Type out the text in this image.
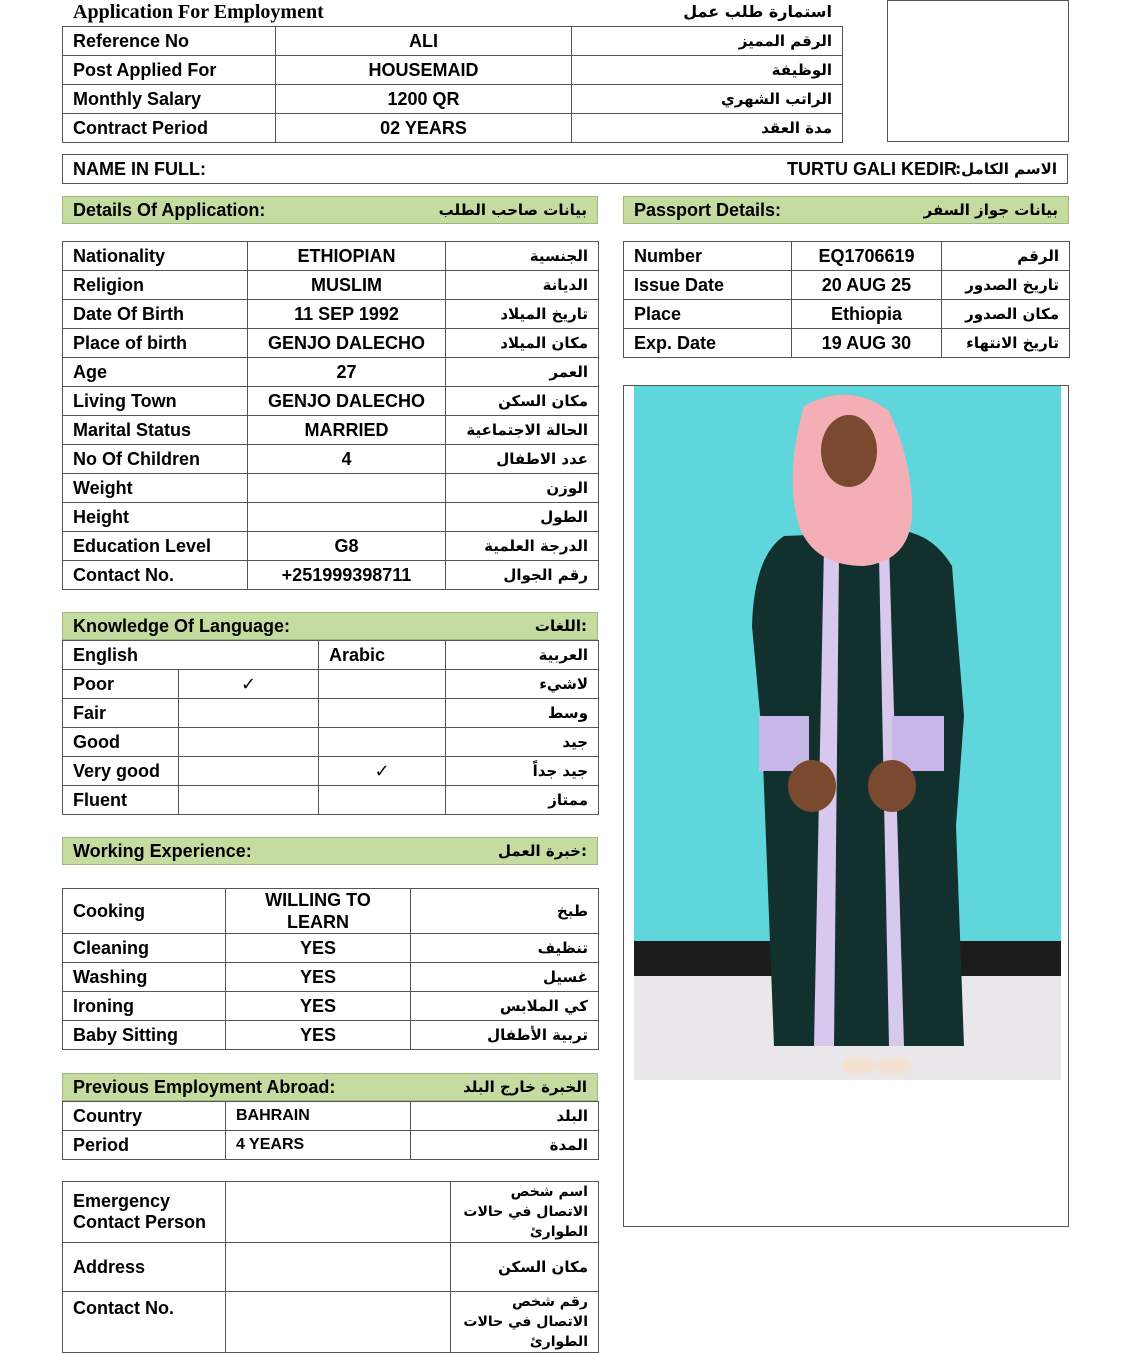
Application For Employment	استمارة طلب عمل
Reference No	ALI	الرقم المميز
Post Applied For	HOUSEMAID	الوظيفة
Monthly Salary	1200 QR	الراتب الشهري
Contract Period	02 YEARS	مدة العقد
NAME IN FULL:	TURTU GALI KEDIR
الاسم الكامل:
Details Of Application:	بيانات صاحب الطلب
Nationality	ETHIOPIAN	الجنسية
Religion	MUSLIM	الديانة
Date Of Birth	11 SEP 1992	تاريخ الميلاد
Place of birth	GENJO DALECHO	مكان الميلاد
Age	27	العمر
Living Town	GENJO DALECHO	مكان السكن
Marital Status	MARRIED	الحالة الاجتماعية
No Of Children	4	عدد الاطفال
Weight		الوزن
Height		الطول
Education Level	G8	الدرجة العلمية
Contact No.	+251999398711	رقم الجوال
Passport Details:	بيانات جواز السفر
Number	EQ1706619	الرقم
Issue Date	20 AUG 25	تاريخ الصدور
Place	Ethiopia	مكان الصدور
Exp. Date	19 AUG 30	تاريخ الانتهاء
Knowledge Of Language:	:اللغات
English		Arabic	العربية
Poor	✓		لاشيء
Fair			وسط
Good			جيد
Very good		✓	جيد جداً
Fluent			ممتاز
Working Experience:	:خبرة العمل
Cooking	WILLING TO LEARN	طبخ
Cleaning	YES	تنظيف
Washing	YES	غسيل
Ironing	YES	كي الملابس
Baby Sitting	YES	تربية الأطفال
Previous Employment Abroad:	الخبرة خارج البلد
Country	BAHRAIN	البلد
Period	4 YEARS	المدة
Emergency Contact Person		اسم شخص الاتصال في حالات الطوارئ
Address		مكان السكن
Contact No.		رقم شخص الاتصال في حالات الطوارئ
